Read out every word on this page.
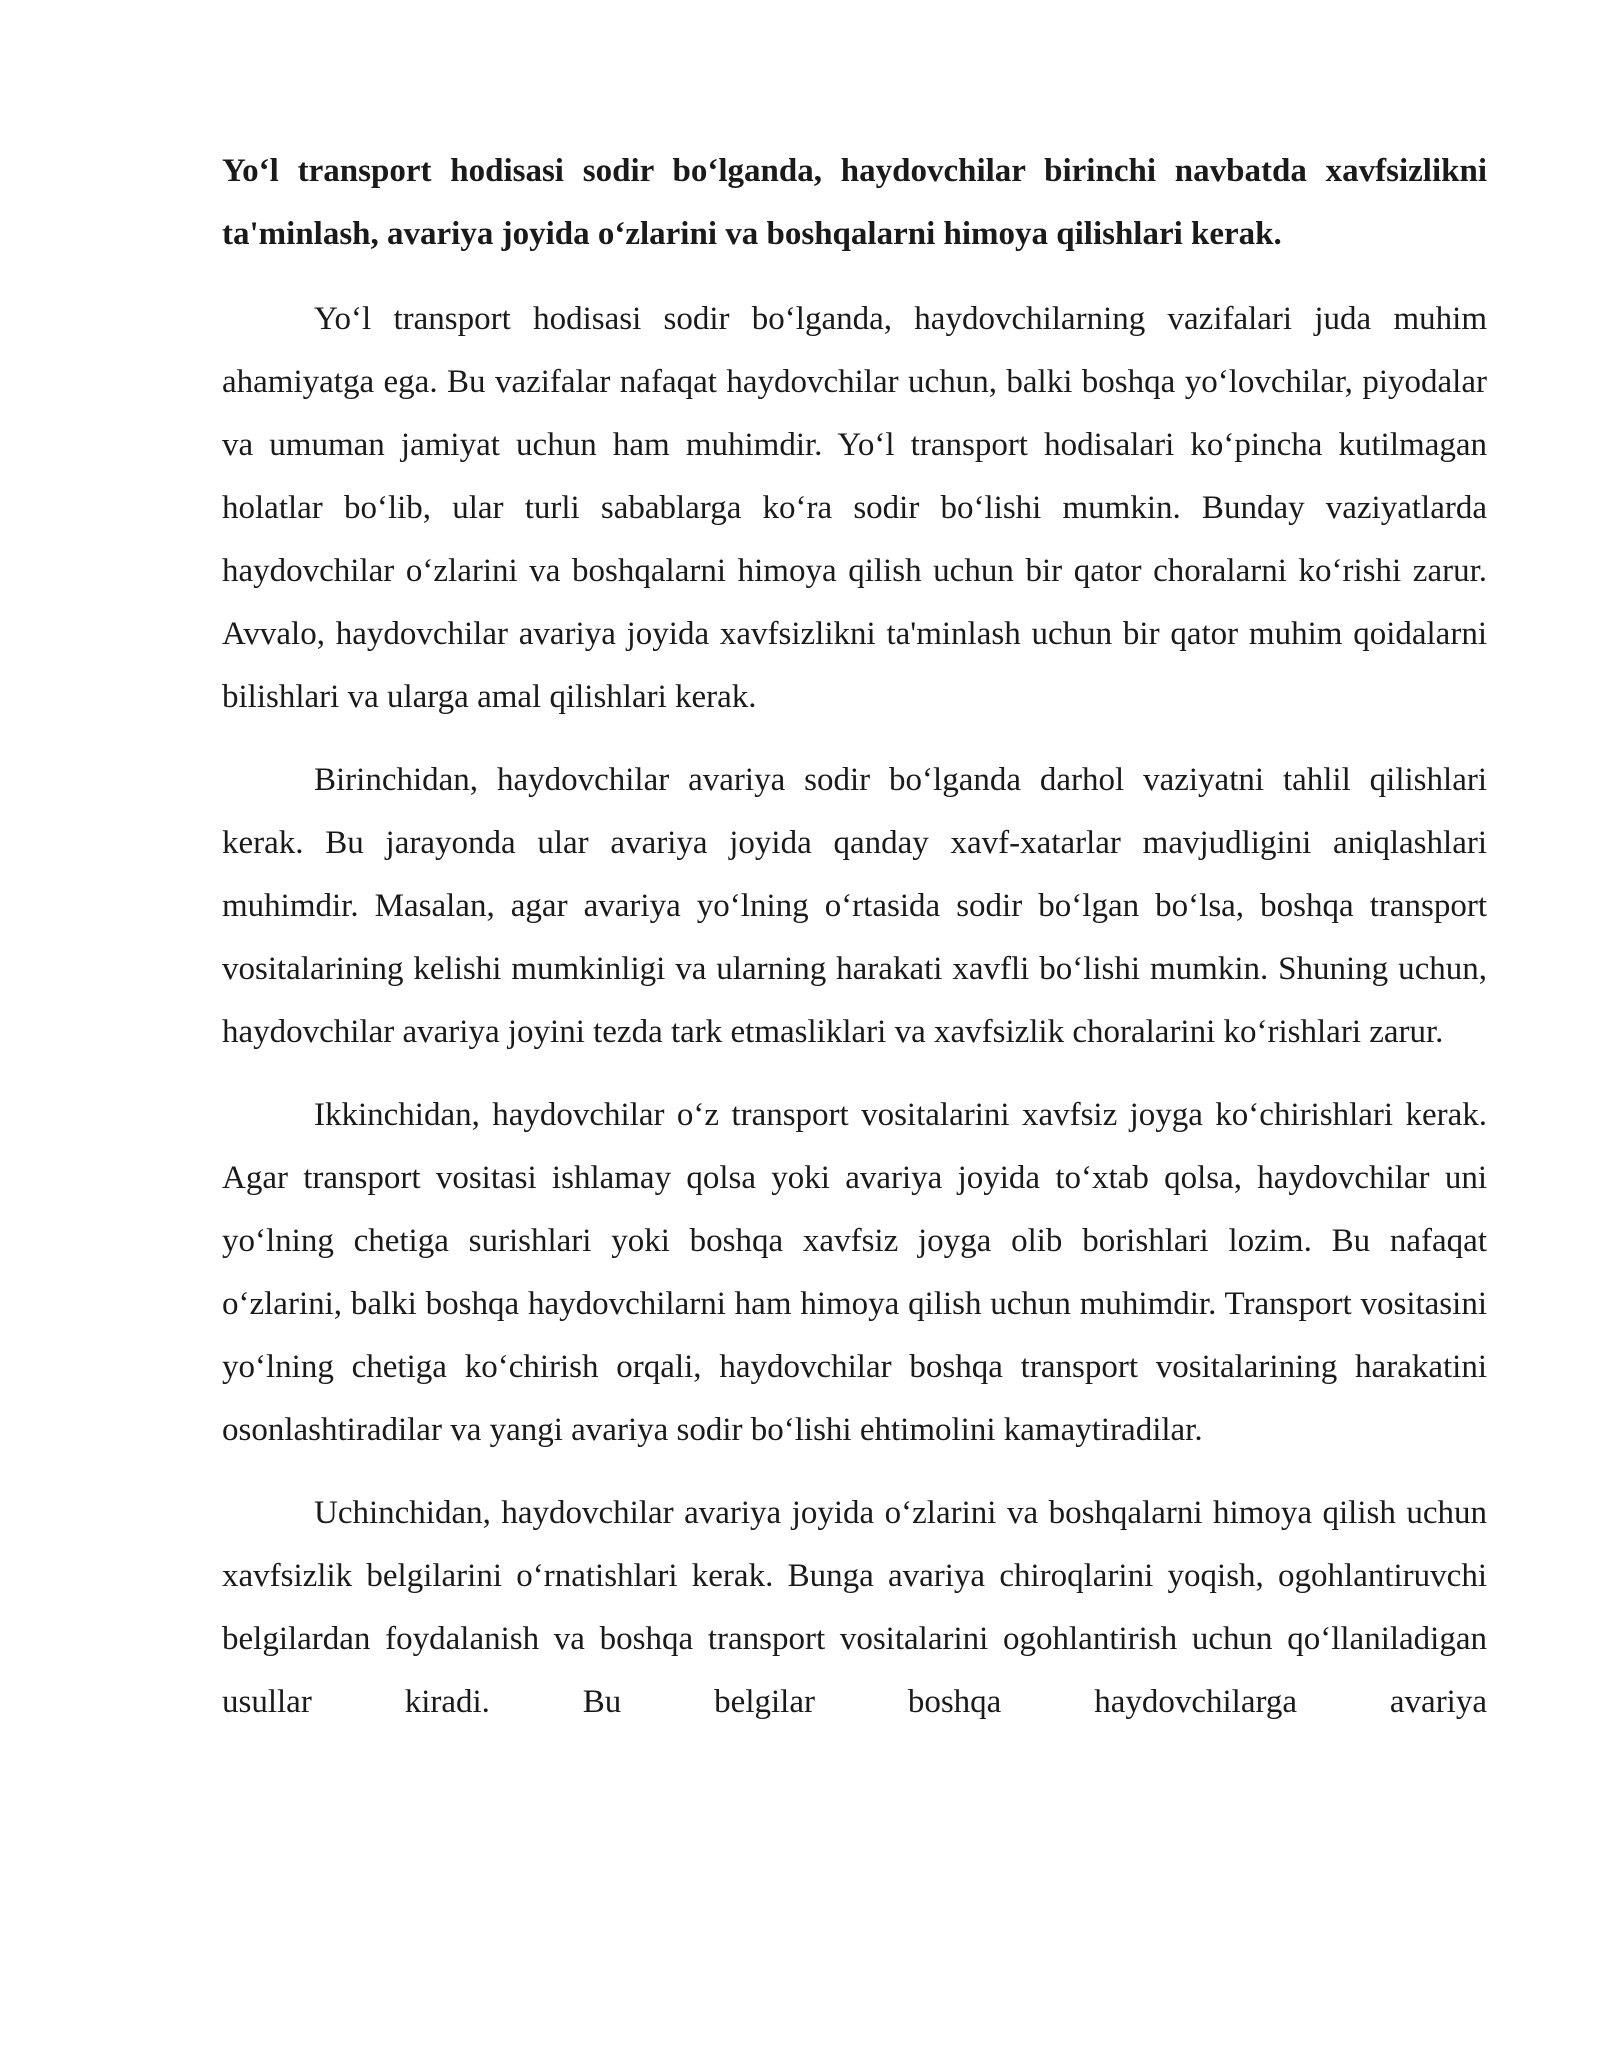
Yo‘l transport hodisasi sodir bo‘lganda, haydovchilar birinchi navbatda xavfsizlikni ta'minlash, avariya joyida o‘zlarini va boshqalarni himoya qilishlari kerak.

Yo‘l transport hodisasi sodir bo‘lganda, haydovchilarning vazifalari juda muhim ahamiyatga ega. Bu vazifalar nafaqat haydovchilar uchun, balki boshqa yo‘lovchilar, piyodalar va umuman jamiyat uchun ham muhimdir. Yo‘l transport hodisalari ko‘pincha kutilmagan holatlar bo‘lib, ular turli sabablarga ko‘ra sodir bo‘lishi mumkin. Bunday vaziyatlarda haydovchilar o‘zlarini va boshqalarni himoya qilish uchun bir qator choralarni ko‘rishi zarur. Avvalo, haydovchilar avariya joyida xavfsizlikni ta'minlash uchun bir qator muhim qoidalarni bilishlari va ularga amal qilishlari kerak.

Birinchidan, haydovchilar avariya sodir bo‘lganda darhol vaziyatni tahlil qilishlari kerak. Bu jarayonda ular avariya joyida qanday xavf-xatarlar mavjudligini aniqlashlari muhimdir. Masalan, agar avariya yo‘lning o‘rtasida sodir bo‘lgan bo‘lsa, boshqa transport vositalarining kelishi mumkinligi va ularning harakati xavfli bo‘lishi mumkin. Shuning uchun, haydovchilar avariya joyini tezda tark etmasliklari va xavfsizlik choralarini ko‘rishlari zarur.

Ikkinchidan, haydovchilar o‘z transport vositalarini xavfsiz joyga ko‘chirishlari kerak. Agar transport vositasi ishlamay qolsa yoki avariya joyida to‘xtab qolsa, haydovchilar uni yo‘lning chetiga surishlari yoki boshqa xavfsiz joyga olib borishlari lozim. Bu nafaqat o‘zlarini, balki boshqa haydovchilarni ham himoya qilish uchun muhimdir. Transport vositasini yo‘lning chetiga ko‘chirish orqali, haydovchilar boshqa transport vositalarining harakatini osonlashtiradilar va yangi avariya sodir bo‘lishi ehtimolini kamaytiradilar.

Uchinchidan, haydovchilar avariya joyida o‘zlarini va boshqalarni himoya qilish uchun xavfsizlik belgilarini o‘rnatishlari kerak. Bunga avariya chiroqlarini yoqish, ogohlantiruvchi belgilardan foydalanish va boshqa transport vositalarini ogohlantirish uchun qo‘llaniladigan usullar kiradi. Bu belgilar boshqa haydovchilarga avariya
